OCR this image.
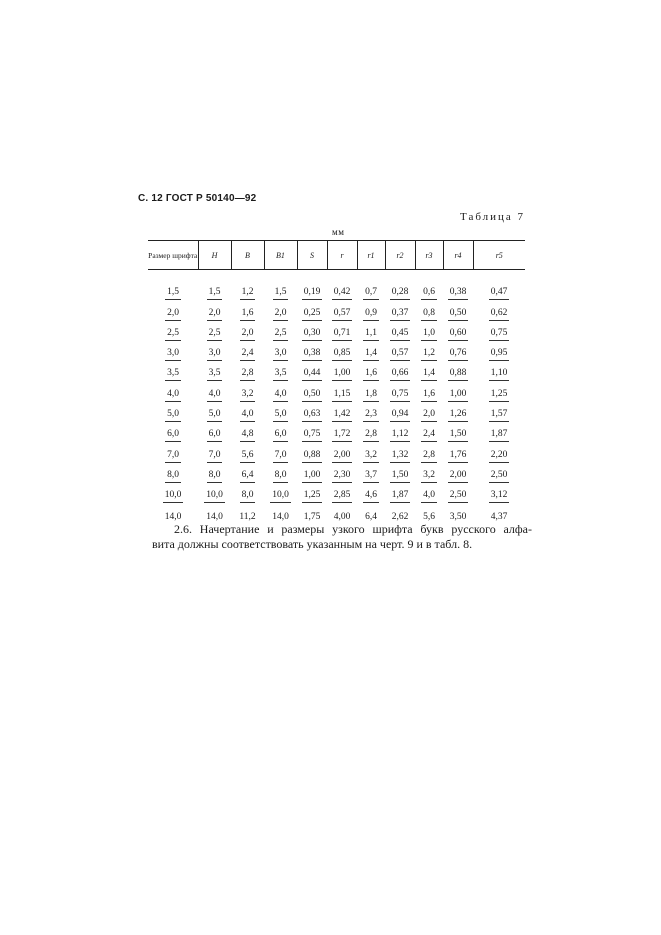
С. 12 ГОСТ Р 50140—92
Таблица 7
мм
Размер шрифта	H	B	B1	S	r	r1	r2	r3	r4	r5
1,5	1,5	1,2	1,5	0,19	0,42	0,7	0,28	0,6	0,38	0,47
2,0	2,0	1,6	2,0	0,25	0,57	0,9	0,37	0,8	0,50	0,62
2,5	2,5	2,0	2,5	0,30	0,71	1,1	0,45	1,0	0,60	0,75
3,0	3,0	2,4	3,0	0,38	0,85	1,4	0,57	1,2	0,76	0,95
3,5	3,5	2,8	3,5	0,44	1,00	1,6	0,66	1,4	0,88	1,10
4,0	4,0	3,2	4,0	0,50	1,15	1,8	0,75	1,6	1,00	1,25
5,0	5,0	4,0	5,0	0,63	1,42	2,3	0,94	2,0	1,26	1,57
6,0	6,0	4,8	6,0	0,75	1,72	2,8	1,12	2,4	1,50	1,87
7,0	7,0	5,6	7,0	0,88	2,00	3,2	1,32	2,8	1,76	2,20
8,0	8,0	6,4	8,0	1,00	2,30	3,7	1,50	3,2	2,00	2,50
10,0	10,0	8,0	10,0	1,25	2,85	4,6	1,87	4,0	2,50	3,12
14,0	14,0	11,2	14,0	1,75	4,00	6,4	2,62	5,6	3,50	4,37
2.6. Начертание и размеры узкого шрифта букв русского алфа-
вита должны соответствовать указанным на черт. 9 и в табл. 8.
